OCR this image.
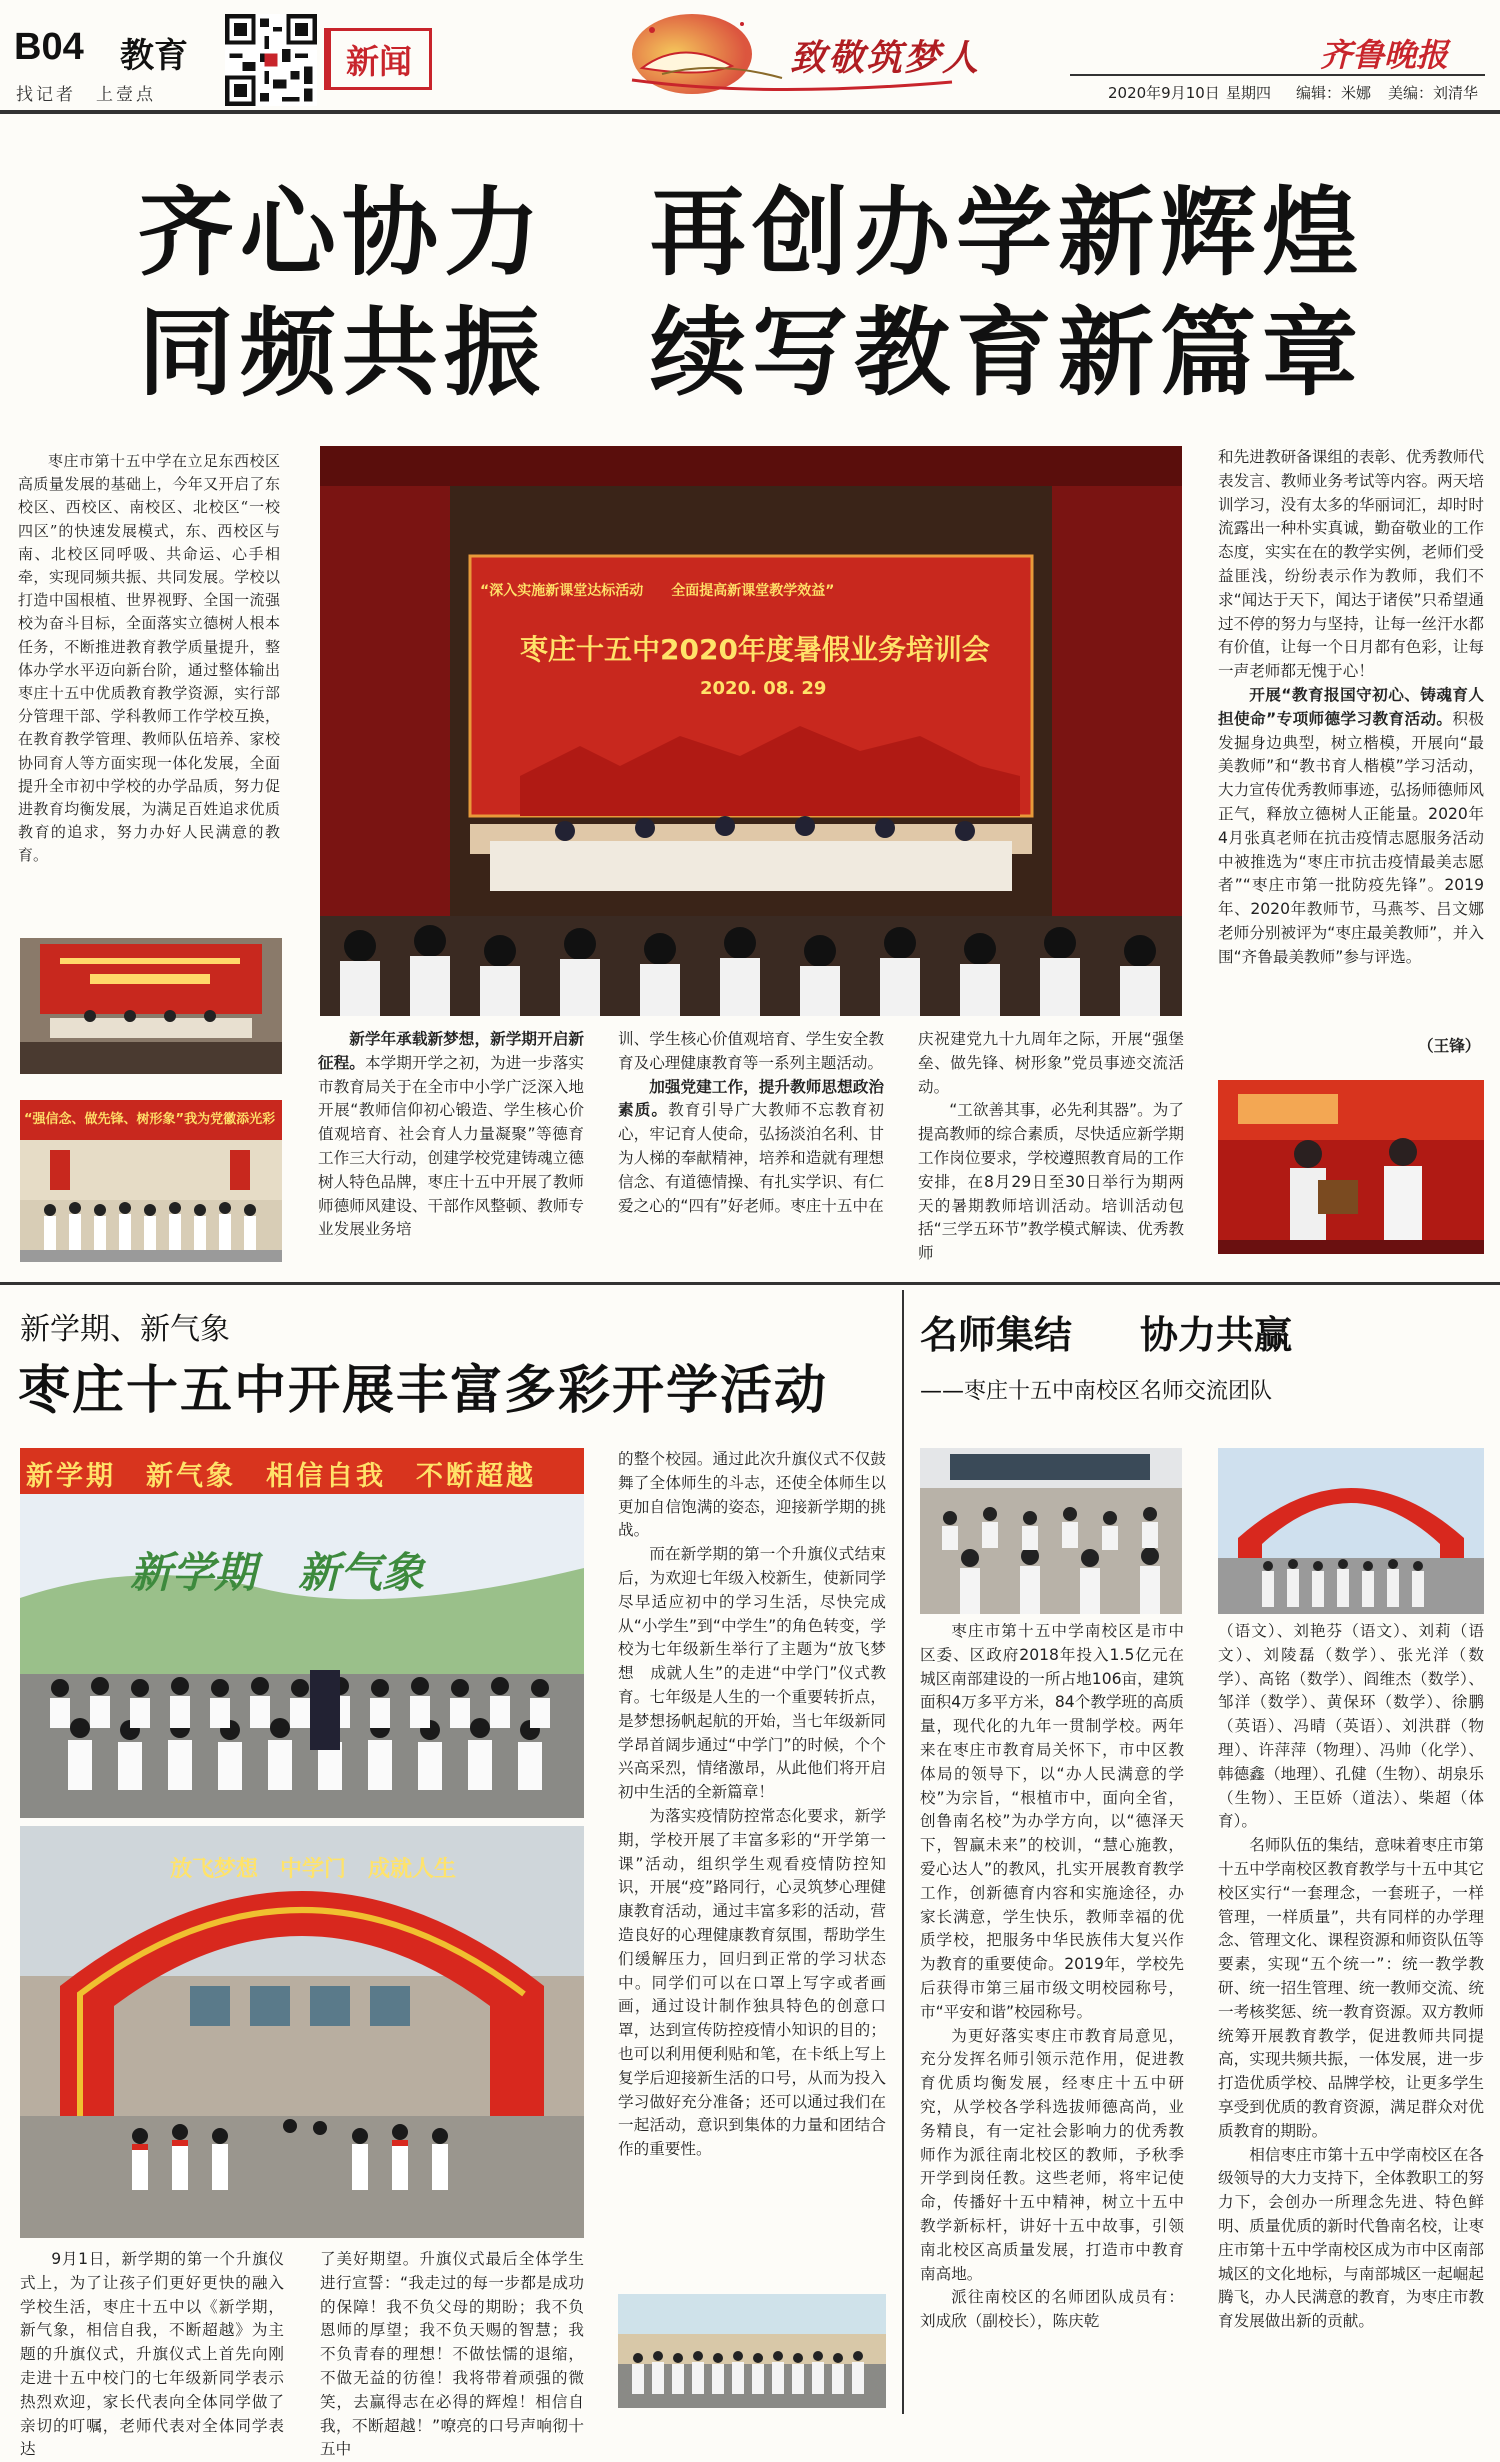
B04 教育
找记者　上壹点
新闻	致敬筑梦人	齐鲁晚报
2020年9月10日 星期四 编辑：米娜 美编：刘清华
齐心协力 再创办学新辉煌
同频共振 续写教育新篇章

枣庄市第十五中学在立足东西校区高质量发展的基础上，今年又开启了东校区、西校区、南校区、北校区“一校四区”的快速发展模式，东、西校区与南、北校区同呼吸、共命运、心手相牵，实现同频共振、共同发展。学校以打造中国根植、世界视野、全国一流强校为奋斗目标，全面落实立德树人根本任务，不断推进教育教学质量提升，整体办学水平迈向新台阶，通过整体输出枣庄十五中优质教育教学资源，实行部分管理干部、学科教师工作学校互换，在教育教学管理、教师队伍培养、家校协同育人等方面实现一体化发展，全面提升全市初中学校的办学品质，努力促进教育均衡发展，为满足百姓追求优质教育的追求，努力办好人民满意的教育。

“深入实施新课堂达标活动　　全面提高新课堂教学效益”
枣庄十五中2020年度暑假业务培训会
2020. 08. 29
“强信念、做先锋、树形象”我为党徽添光彩

新学年承载新梦想，新学期开启新征程。本学期开学之初，为进一步落实市教育局关于在全市中小学广泛深入地开展“教师信仰初心锻造、学生核心价值观培育、社会育人力量凝聚”等德育工作三大行动，创建学校党建铸魂立德树人特色品牌，枣庄十五中开展了教师师德师风建设、干部作风整顿、教师专业发展业务培

训、学生核心价值观培育、学生安全教育及心理健康教育等一系列主题活动。

加强党建工作，提升教师思想政治素质。教育引导广大教师不忘教育初心，牢记育人使命，弘扬淡泊名利、甘为人梯的奉献精神，培养和造就有理想信念、有道德情操、有扎实学识、有仁爱之心的“四有”好老师。枣庄十五中在

庆祝建党九十九周年之际，开展“强堡垒、做先锋、树形象”党员事迹交流活动。

“工欲善其事，必先利其器”。为了提高教师的综合素质，尽快适应新学期工作岗位要求，学校遵照教育局的工作安排，在8月29日至30日举行为期两天的暑期教师培训活动。培训活动包括“三学五环节”教学模式解读、优秀教师

和先进教研备课组的表彰、优秀教师代表发言、教师业务考试等内容。两天培训学习，没有太多的华丽词汇，却时时流露出一种朴实真诚，勤奋敬业的工作态度，实实在在的教学实例，老师们受益匪浅，纷纷表示作为教师，我们不求“闻达于天下，闻达于诸侯”只希望通过不停的努力与坚持，让每一丝汗水都有价值，让每一个日月都有色彩，让每一声老师都无愧于心！

开展“教育报国守初心、铸魂育人担使命”专项师德学习教育活动。积极发掘身边典型，树立楷模，开展向“最美教师”和“教书育人楷模”学习活动，大力宣传优秀教师事迹，弘扬师德师风正气，释放立德树人正能量。2020年4月张真老师在抗击疫情志愿服务活动中被推选为“枣庄市抗击疫情最美志愿者”“枣庄市第一批防疫先锋”。2019年、2020年教师节，马燕芩、吕文娜老师分别被评为“枣庄最美教师”，并入围“齐鲁最美教师”参与评选。

（王锋）
新学期、新气象
枣庄十五中开展丰富多彩开学活动
新学期　新气象　相信自我　不断超越
新学期　新气象
放飞梦想　中学门　成就人生

9月1日，新学期的第一个升旗仪式上，为了让孩子们更好更快的融入学校生活，枣庄十五中以《新学期，新气象，相信自我，不断超越》为主题的升旗仪式，升旗仪式上首先向刚走进十五中校门的七年级新同学表示热烈欢迎，家长代表向全体同学做了亲切的叮嘱，老师代表对全体同学表达

了美好期望。升旗仪式最后全体学生进行宣誓：“我走过的每一步都是成功的保障！我不负父母的期盼；我不负恩师的厚望；我不负天赐的智慧；我不负青春的理想！不做怯懦的退缩，不做无益的彷徨！我将带着顽强的微笑，去赢得志在必得的辉煌！相信自我，不断超越！”嘹亮的口号声响彻十五中

的整个校园。通过此次升旗仪式不仅鼓舞了全体师生的斗志，还使全体师生以更加自信饱满的姿态，迎接新学期的挑战。

而在新学期的第一个升旗仪式结束后，为欢迎七年级入校新生，使新同学尽早适应初中的学习生活，尽快完成从“小学生”到“中学生”的角色转变，学校为七年级新生举行了主题为“放飞梦想　成就人生”的走进“中学门”仪式教育。七年级是人生的一个重要转折点，是梦想扬帆起航的开始，当七年级新同学昂首阔步通过“中学门”的时候，个个兴高采烈，情绪激昂，从此他们将开启初中生活的全新篇章！

为落实疫情防控常态化要求，新学期，学校开展了丰富多彩的“开学第一课”活动，组织学生观看疫情防控知识，开展“疫”路同行，心灵筑梦心理健康教育活动，通过丰富多彩的活动，营造良好的心理健康教育氛围，帮助学生们缓解压力，回归到正常的学习状态中。同学们可以在口罩上写字或者画画，通过设计制作独具特色的创意口罩，达到宣传防控疫情小知识的目的；也可以利用便利贴和笔，在卡纸上写上复学后迎接新生活的口号，从而为投入学习做好充分准备；还可以通过我们在一起活动，意识到集体的力量和团结合作的重要性。

名师集结 协力共赢
——枣庄十五中南校区名师交流团队

枣庄市第十五中学南校区是市中区委、区政府2018年投入1.5亿元在城区南部建设的一所占地106亩，建筑面积4万多平方米，84个教学班的高质量，现代化的九年一贯制学校。两年来在枣庄市教育局关怀下，市中区教体局的领导下，以“办人民满意的学校”为宗旨，“根植市中，面向全省，创鲁南名校”为办学方向，以“德泽天下，智赢未来”的校训，“慧心施教，爱心达人”的教风，扎实开展教育教学工作，创新德育内容和实施途径，办家长满意，学生快乐，教师幸福的优质学校，把服务中华民族伟大复兴作为教育的重要使命。2019年，学校先后获得市第三届市级文明校园称号，市“平安和谐”校园称号。

为更好落实枣庄市教育局意见，充分发挥名师引领示范作用，促进教育优质均衡发展，经枣庄十五中研究，从学校各学科选拔师德高尚，业务精良，有一定社会影响力的优秀教师作为派往南北校区的教师，予秋季开学到岗任教。这些老师，将牢记使命，传播好十五中精神，树立十五中教学新标杆，讲好十五中故事，引领南北校区高质量发展，打造市中教育南高地。

派往南校区的名师团队成员有：刘成欣（副校长），陈庆乾

（语文）、刘艳芬（语文）、刘莉（语文）、刘陵磊（数学）、张光洋（数学）、高铭（数学）、阎维杰（数学）、邹洋（数学）、黄保环（数学）、徐鹏（英语）、冯晴（英语）、刘洪群（物理）、许萍萍（物理）、冯帅（化学）、韩德鑫（地理）、孔健（生物）、胡泉乐（生物）、王臣娇（道法）、柴超（体育）。

名师队伍的集结，意味着枣庄市第十五中学南校区教育教学与十五中其它校区实行“一套理念，一套班子，一样管理，一样质量”，共有同样的办学理念、管理文化、课程资源和师资队伍等要素，实现“五个统一”：统一教学教研、统一招生管理、统一教师交流、统一考核奖惩、统一教育资源。双方教师统筹开展教育教学，促进教师共同提高，实现共频共振，一体发展，进一步打造优质学校、品牌学校，让更多学生享受到优质的教育资源，满足群众对优质教育的期盼。

相信枣庄市第十五中学南校区在各级领导的大力支持下，全体教职工的努力下，会创办一所理念先进、特色鲜明、质量优质的新时代鲁南名校，让枣庄市第十五中学南校区成为市中区南部城区的文化地标，与南部城区一起崛起腾飞，办人民满意的教育，为枣庄市教育发展做出新的贡献。
